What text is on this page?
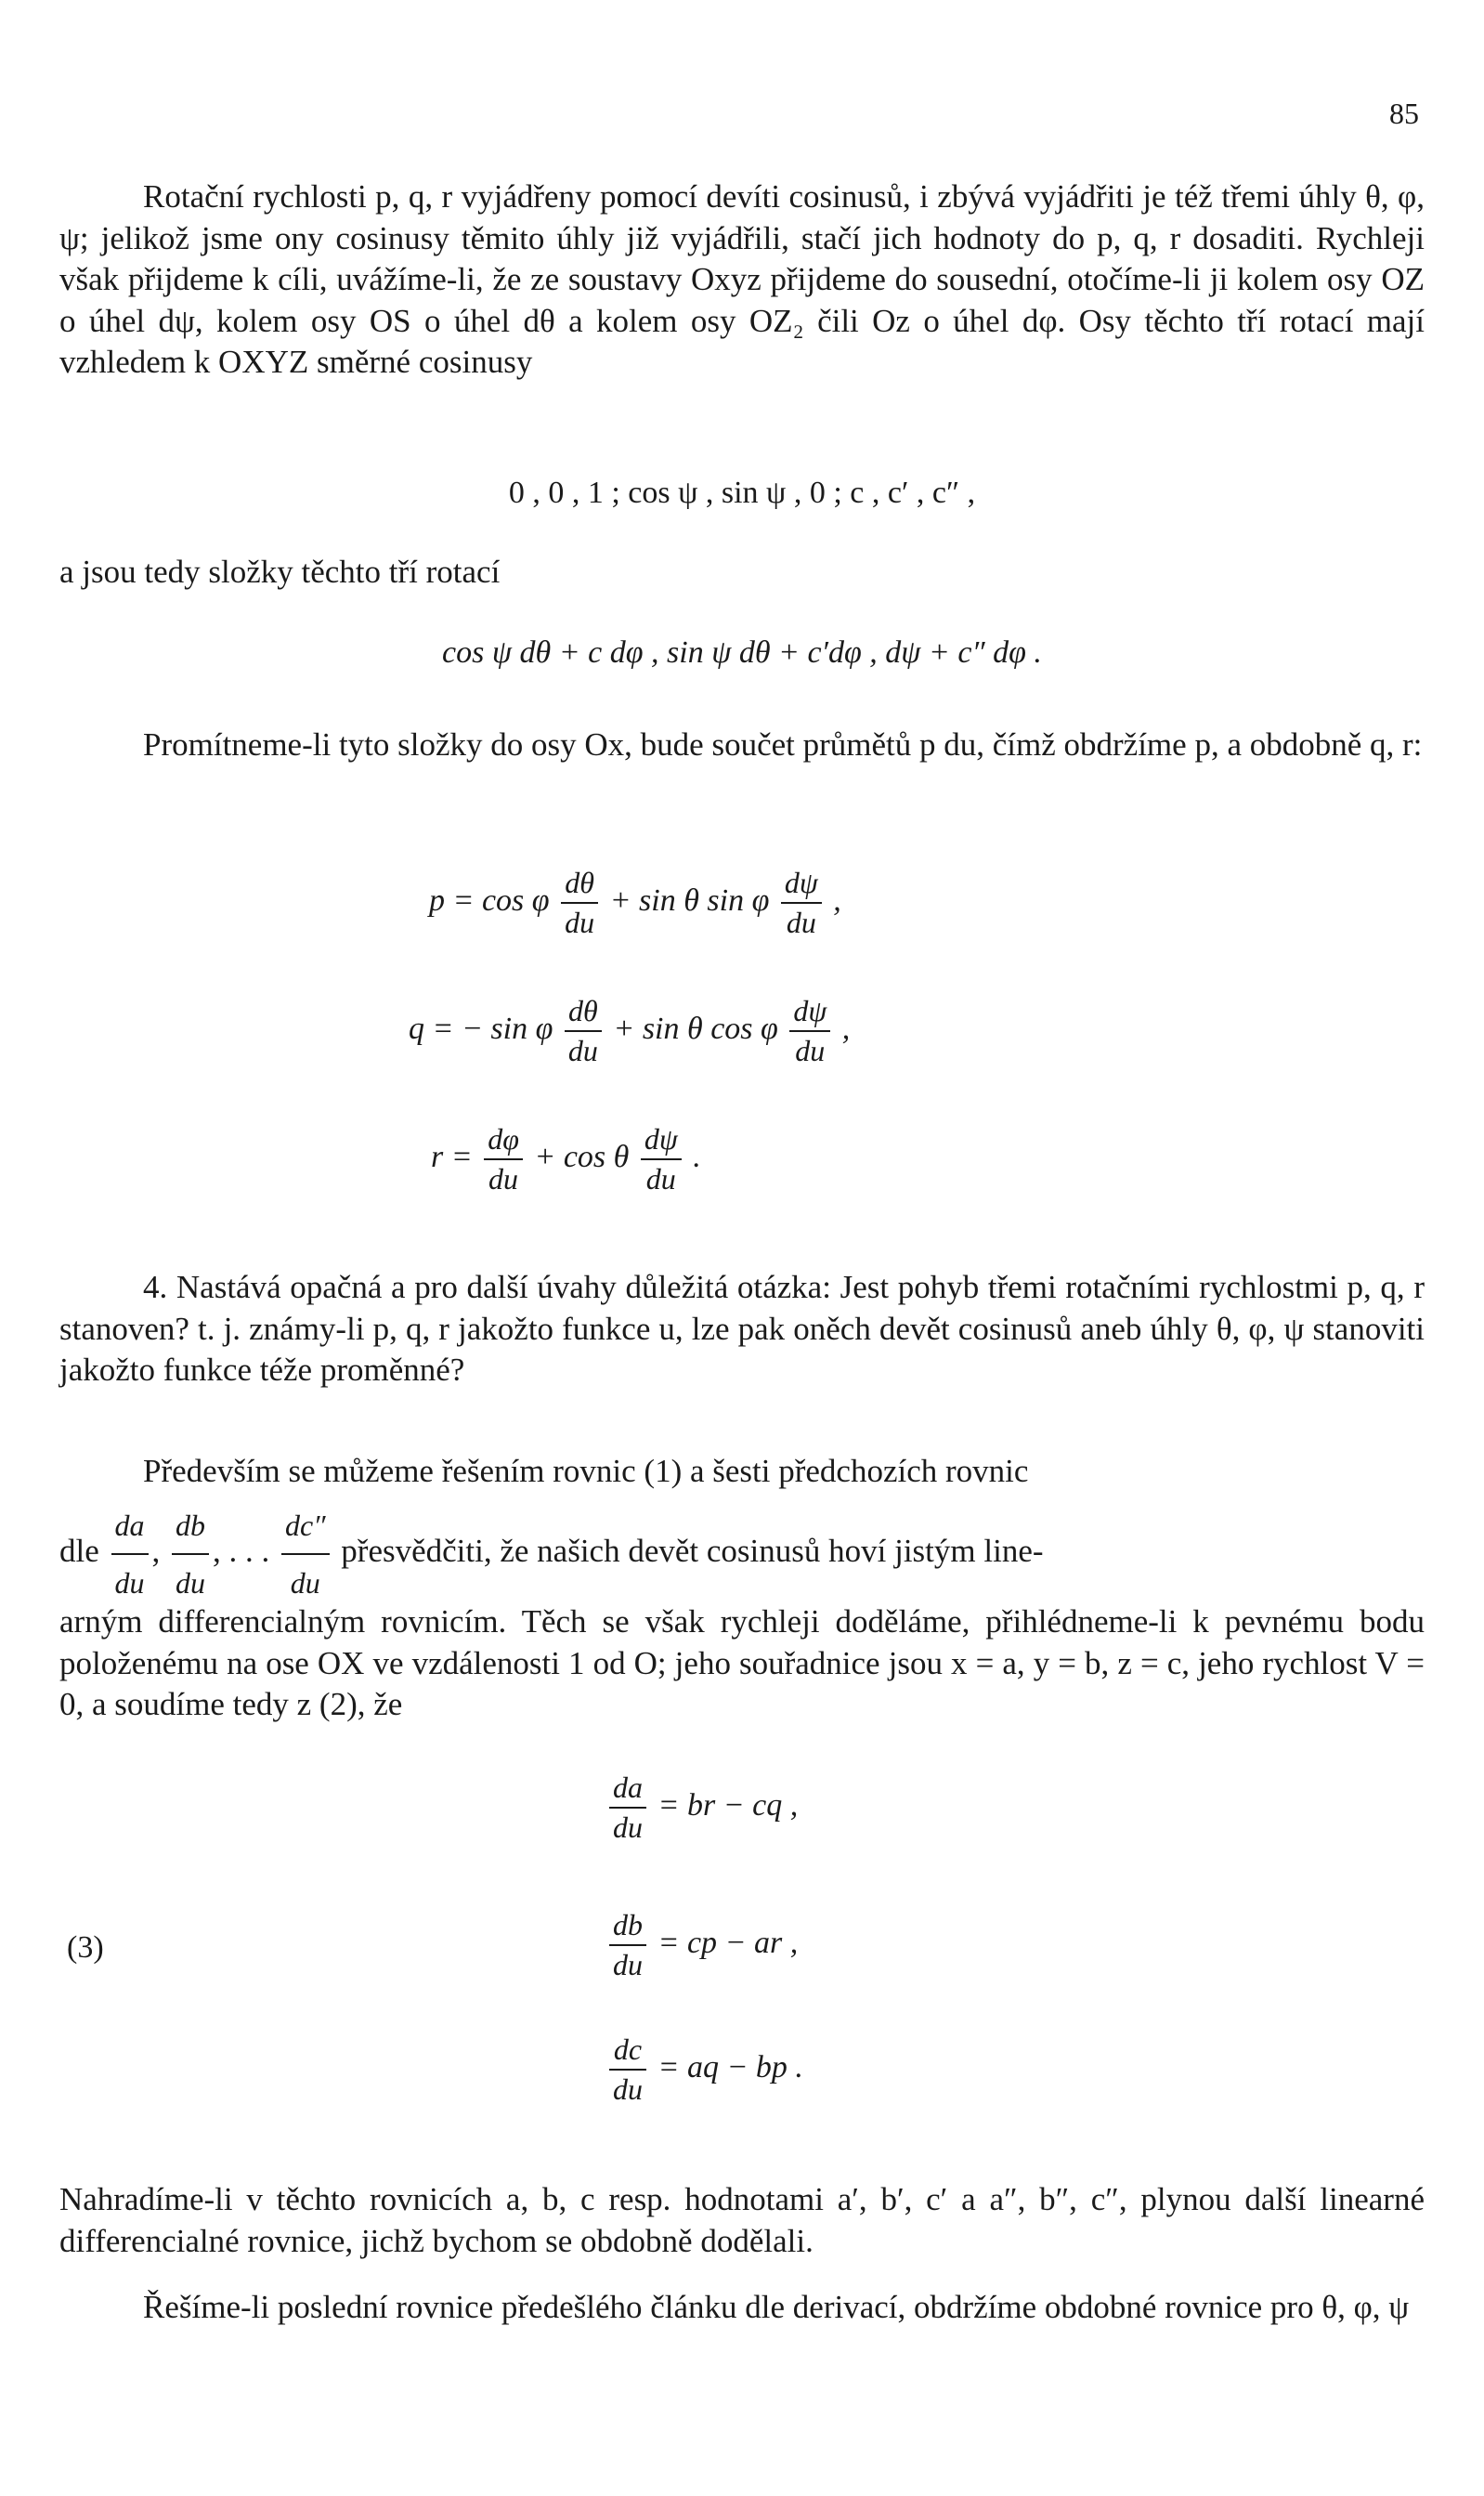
85

Rotační rychlosti p, q, r vyjádřeny pomocí devíti cosinusů, i zbývá vyjádřiti je též třemi úhly θ, φ, ψ; jelikož jsme ony cosinusy těmito úhly již vyjádřili, stačí jich hodnoty do p, q, r dosaditi. Rychleji však přijdeme k cíli, uvážíme-li, že ze soustavy Oxyz přijdeme do sousední, otočíme-li ji kolem osy OZ o úhel dψ, kolem osy OS o úhel dθ a kolem osy OZ₂ čili Oz o úhel dφ. Osy těchto tří rotací mají vzhledem k OXYZ směrné cosinusy

0 , 0 , 1 ; cos ψ , sin ψ , 0 ; c , c′ , c″ ,

a jsou tedy složky těchto tří rotací

cos ψ dθ + c dφ , sin ψ dθ + c′dφ , dψ + c″ dφ .

Promítneme-li tyto složky do osy Ox, bude součet průmětů p du, čímž obdržíme p, a obdobně q, r:

p = cos φ $\frac{d\theta}{du} + \sin \theta$ sin φ $\frac{d\psi}{du}$ ,
q = − sin φ $\frac{d\theta}{du} + \sin \theta$ cos φ $\frac{d\psi}{du}$ ,
$r = \frac{d\varphi}{du} + \cos \theta \frac{d\psi}{du}$ .

4. Nastává opačná a pro další úvahy důležitá otázka: Jest pohyb třemi rotačními rychlostmi p, q, r stanoven? t. j. známy-li p, q, r jakožto funkce u, lze pak oněch devět cosinusů aneb úhly θ, φ, ψ stanoviti jakožto funkce téže proměnné?

Především se můžeme řešením rovnic (1) a šesti předchozích rovnic

dle $\frac{da}{du}$ , $\frac{db}{du}$ , . . . $\frac{dc''}{du}$ přesvědčiti, že našich devět cosinusů hoví jistým line-

arným differencialným rovnicím. Těch se však rychleji doděláme, přihlédneme-li k pevnému bodu položenému na ose OX ve vzdálenosti 1 od O; jeho souřadnice jsou x = a, y = b, z = c, jeho rychlost V = 0, a soudíme tedy z (2), že

(3)
$\frac{da}{du}$ = br − cq ,
$\frac{db}{du}$ = cp − ar ,
$\frac{dc}{du}$ = aq − bp .

Nahradíme-li v těchto rovnicích a, b, c resp. hodnotami a′, b′, c′ a a″, b″, c″, plynou další linearné differencialné rovnice, jichž bychom se obdobně dodělali.

Řešíme-li poslední rovnice předešlého článku dle derivací, obdržíme obdobné rovnice pro θ, φ, ψ
